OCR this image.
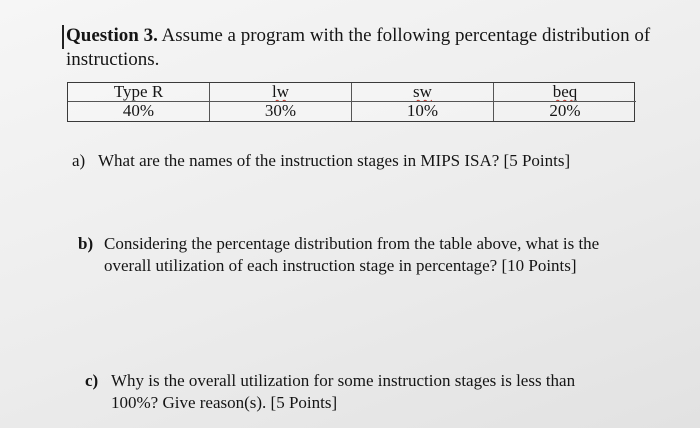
Question 3. Assume a program with the following percentage distribution of
instructions.

Type R	lw	sw	beq
40%	30%	10%	20%

a) What are the names of the instruction stages in MIPS ISA? [5 Points]

b) Considering the percentage distribution from the table above, what is the
overall utilization of each instruction stage in percentage? [10 Points]

c) Why is the overall utilization for some instruction stages is less than
100%? Give reason(s). [5 Points]
